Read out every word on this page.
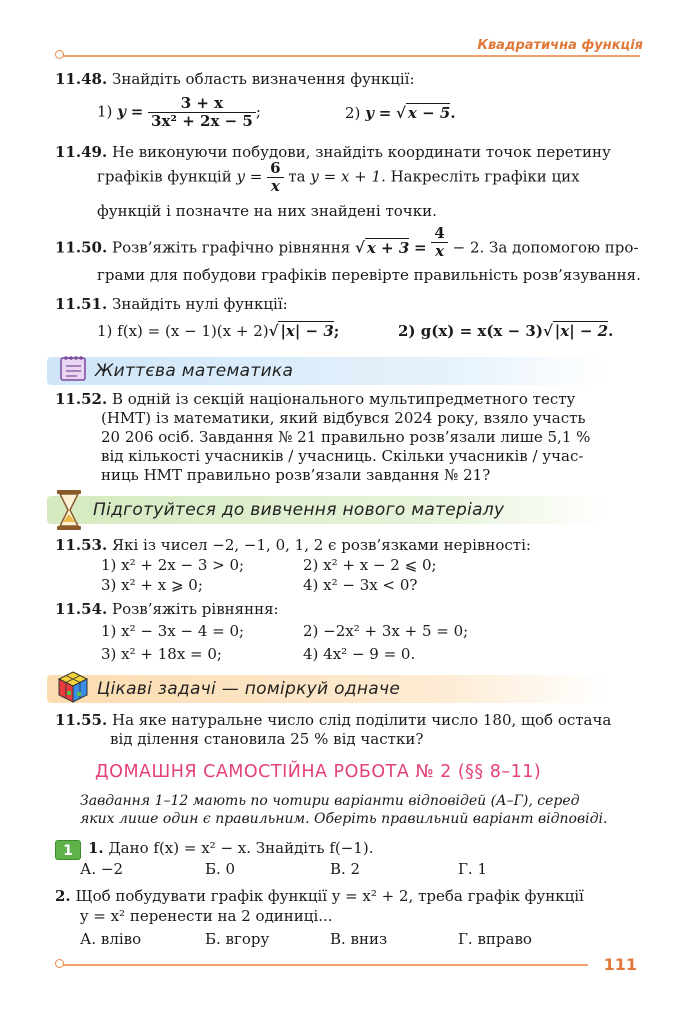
Квадратична функція
11.48. Знайдіть область визначення функції:
1) $y = \frac{3 + x}{\text{3x² + 2x − 5}}$ ;	2) y = √ x − 5.
11.49. Не виконуючи побудови, знайдіть координати точок перетину
графіків функцій $y = \frac{6}{x}$ та y = x + 1. Накресліть графіки цих
функцій і позначте на них знайдені точки.
11.50. Розв’яжіть графічно рівняння √ $x + 3 = \frac{4}{x} - 2$. За допомогою про-
грами для побудови графіків перевірте правильність розв’язування.
11.51. Знайдіть нулі функції:
1) f(x) = (x − 1)(x + 2)√ |x| − 3;	2) g(x) = x(x − 3)√ |x| − 2.
Життєва математика
11.52. В одній із секцій національного мультипредметного тесту
(НМТ) із математики, який відбувся 2024 року, взяло участь
20 206 осіб. Завдання № 21 правильно розв’язали лише 5,1 %
від кількості учасників / учасниць. Скільки учасників / учас-
ниць НМТ правильно розв’язали завдання № 21?
Підготуйтеся до вивчення нового матеріалу
11.53. Які із чисел −2, −1, 0, 1, 2 є розв’язками нерівності:
1) x² + 2x − 3 > 0;	2) x² + x − 2 ⩽ 0;
3) x² + x ⩾ 0;	4) x² − 3x < 0?
11.54. Розв’яжіть рівняння:
1) x² − 3x − 4 = 0;	2) −2x² + 3x + 5 = 0;
3) x² + 18x = 0;	4) 4x² − 9 = 0.
Цікаві задачі — поміркуй одначе
11.55. На яке натуральне число слід поділити число 180, щоб остача
від ділення становила 25 % від частки?
ДОМАШНЯ САМОСТІЙНА РОБОТА № 2 (§§ 8–11)
Завдання 1–12 мають по чотири варіанти відповідей (А–Г), серед
яких лише один є правильним. Оберіть правильний варіант відповіді.
1	1. Дано f(x) = x² − x. Знайдіть f(−1).
А. −2	Б. 0	В. 2	Г. 1
2. Щоб побудувати графік функції y = x² + 2, треба графік функції
y = x² перенести на 2 одиниці...
А. вліво	Б. вгору	В. вниз	Г. вправо
111
